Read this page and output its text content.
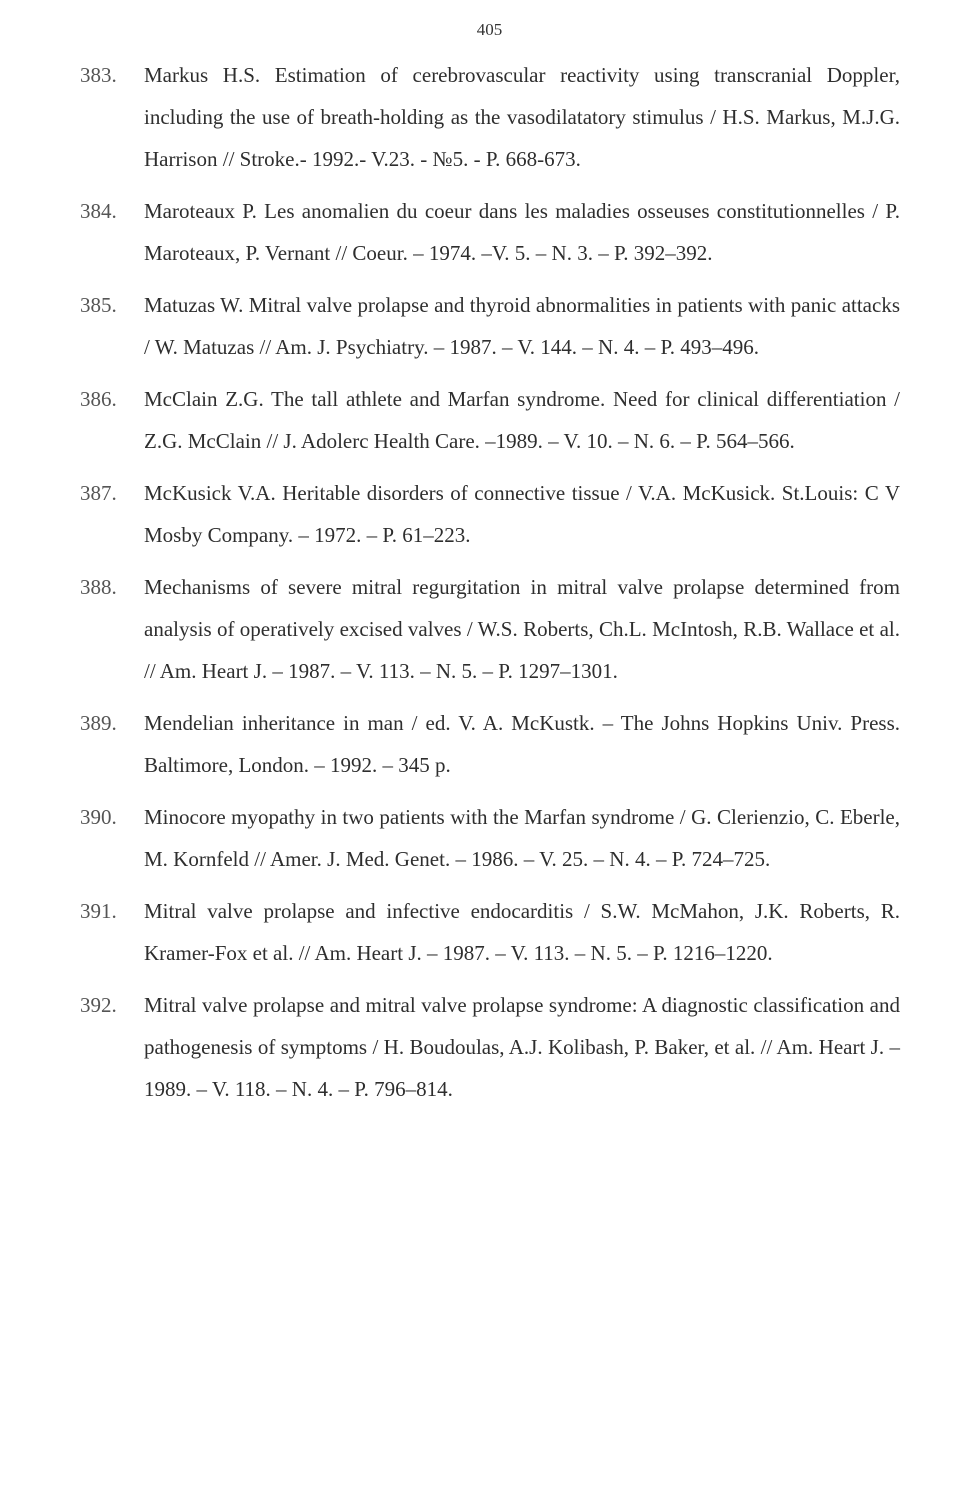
405
383. Markus H.S. Estimation of cerebrovascular reactivity using transcranial Doppler, including the use of breath-holding as the vasodilatatory stimulus / H.S. Markus, M.J.G. Harrison // Stroke.- 1992.- V.23. - №5. - P. 668-673.
384. Maroteaux P. Les anomalien du coeur dans les maladies osseuses constitutionnelles / P. Maroteaux, P. Vernant // Coeur. – 1974. –V. 5. – N. 3. – P. 392–392.
385. Matuzas W. Mitral valve prolapse and thyroid abnormalities in patients with panic attacks / W. Matuzas // Am. J. Psychiatry. – 1987. – V. 144. – N. 4. – P. 493–496.
386. McClain Z.G. The tall athlete and Marfan syndrome. Need for clinical differentiation / Z.G. McClain // J. Adolerc Health Care. –1989. – V. 10. – N. 6. – P. 564–566.
387. McKusick V.A. Heritable disorders of connective tissue / V.A. McKusick. St.Louis: C V Mosby Company. – 1972. – P. 61–223.
388. Mechanisms of severe mitral regurgitation in mitral valve prolapse determined from analysis of operatively excised valves / W.S. Roberts, Ch.L. McIntosh, R.B. Wallace et al. // Am. Heart J. – 1987. – V. 113. – N. 5. – P. 1297–1301.
389. Mendelian inheritance in man / ed. V. A. McKustk. – The Johns Hopkins Univ. Press. Baltimore, London. – 1992. – 345 p.
390. Minocore myopathy in two patients with the Marfan syndrome / G. Clerienzio, C. Eberle, M. Kornfeld // Amer. J. Med. Genet. – 1986. – V. 25. – N. 4. – P. 724–725.
391. Mitral valve prolapse and infective endocarditis / S.W. McMahon, J.K. Roberts, R. Kramer-Fox et al. // Am. Heart J. – 1987. – V. 113. – N. 5. – P. 1216–1220.
392. Mitral valve prolapse and mitral valve prolapse syndrome: A diagnostic classification and pathogenesis of symptoms / H. Boudoulas, A.J. Kolibash, P. Baker, et al. // Am. Heart J. – 1989. – V. 118. – N. 4. – P. 796–814.
